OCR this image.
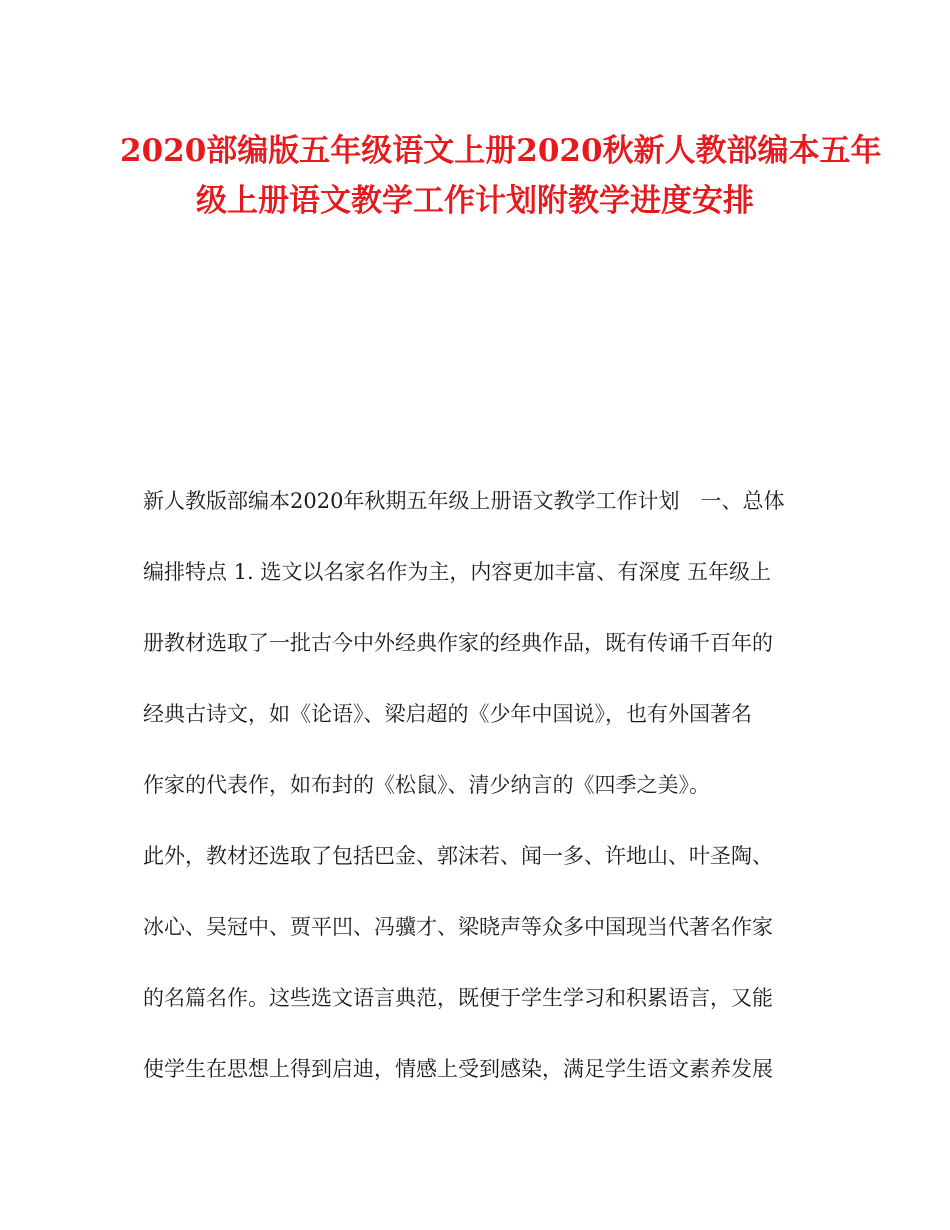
2020部编版五年级语文上册2020秋新人教部编本五年
级上册语文教学工作计划附教学进度安排
新人教版部编本2020年秋期五年级上册语文教学工作计划　一、总体
编排特点 1. 选文以名家名作为主，内容更加丰富、有深度 五年级上
册教材选取了一批古今中外经典作家的经典作品，既有传诵千百年的
经典古诗文，如《论语》、梁启超的《少年中国说》，也有外国著名
作家的代表作，如布封的《松鼠》、清少纳言的《四季之美》。
此外，教材还选取了包括巴金、郭沫若、闻一多、许地山、叶圣陶、
冰心、吴冠中、贾平凹、冯骥才、梁晓声等众多中国现当代著名作家
的名篇名作。这些选文语言典范，既便于学生学习和积累语言，又能
使学生在思想上得到启迪，情感上受到感染，满足学生语文素养发展
